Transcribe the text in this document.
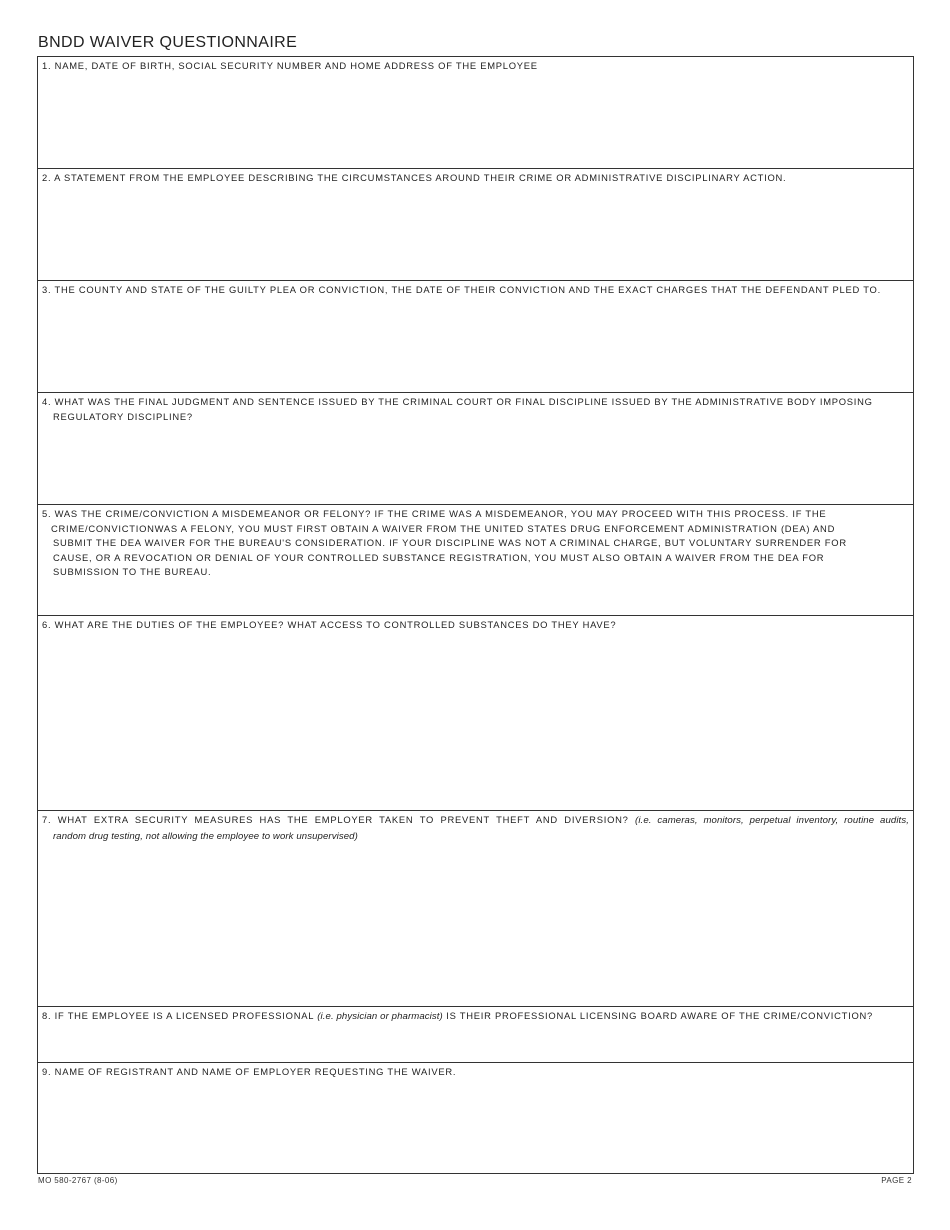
BNDD WAIVER QUESTIONNAIRE
1. NAME, DATE OF BIRTH, SOCIAL SECURITY NUMBER AND HOME ADDRESS OF THE EMPLOYEE
2. A STATEMENT FROM THE EMPLOYEE DESCRIBING THE CIRCUMSTANCES AROUND THEIR CRIME OR ADMINISTRATIVE DISCIPLINARY ACTION.
3. THE COUNTY AND STATE OF THE GUILTY PLEA OR CONVICTION, THE DATE OF THEIR CONVICTION AND THE EXACT CHARGES THAT THE DEFENDANT PLED TO.
4. WHAT WAS THE FINAL JUDGMENT AND SENTENCE ISSUED BY THE CRIMINAL COURT OR FINAL DISCIPLINE ISSUED BY THE ADMINISTRATIVE BODY IMPOSING
REGULATORY DISCIPLINE?
5. WAS THE CRIME/CONVICTION A MISDEMEANOR OR FELONY? IF THE CRIME WAS A MISDEMEANOR, YOU MAY PROCEED WITH THIS PROCESS. IF THE
CRIME/CONVICTIONWAS A FELONY, YOU MUST FIRST OBTAIN A WAIVER FROM THE UNITED STATES DRUG ENFORCEMENT ADMINISTRATION (DEA) AND
SUBMIT THE DEA WAIVER FOR THE BUREAU'S CONSIDERATION. IF YOUR DISCIPLINE WAS NOT A CRIMINAL CHARGE, BUT VOLUNTARY SURRENDER FOR
CAUSE, OR A REVOCATION OR DENIAL OF YOUR CONTROLLED SUBSTANCE REGISTRATION, YOU MUST ALSO OBTAIN A WAIVER FROM THE DEA FOR
SUBMISSION TO THE BUREAU.
6. WHAT ARE THE DUTIES OF THE EMPLOYEE? WHAT ACCESS TO CONTROLLED SUBSTANCES DO THEY HAVE?
7. WHAT EXTRA SECURITY MEASURES HAS THE EMPLOYER TAKEN TO PREVENT THEFT AND DIVERSION? (i.e. cameras, monitors, perpetual inventory, routine audits,
random drug testing, not allowing the employee to work unsupervised)
8. IF THE EMPLOYEE IS A LICENSED PROFESSIONAL (i.e. physician or pharmacist) IS THEIR PROFESSIONAL LICENSING BOARD AWARE OF THE CRIME/CONVICTION?
9. NAME OF REGISTRANT AND NAME OF EMPLOYER REQUESTING THE WAIVER.
MO 580-2767 (8-06)	PAGE 2
